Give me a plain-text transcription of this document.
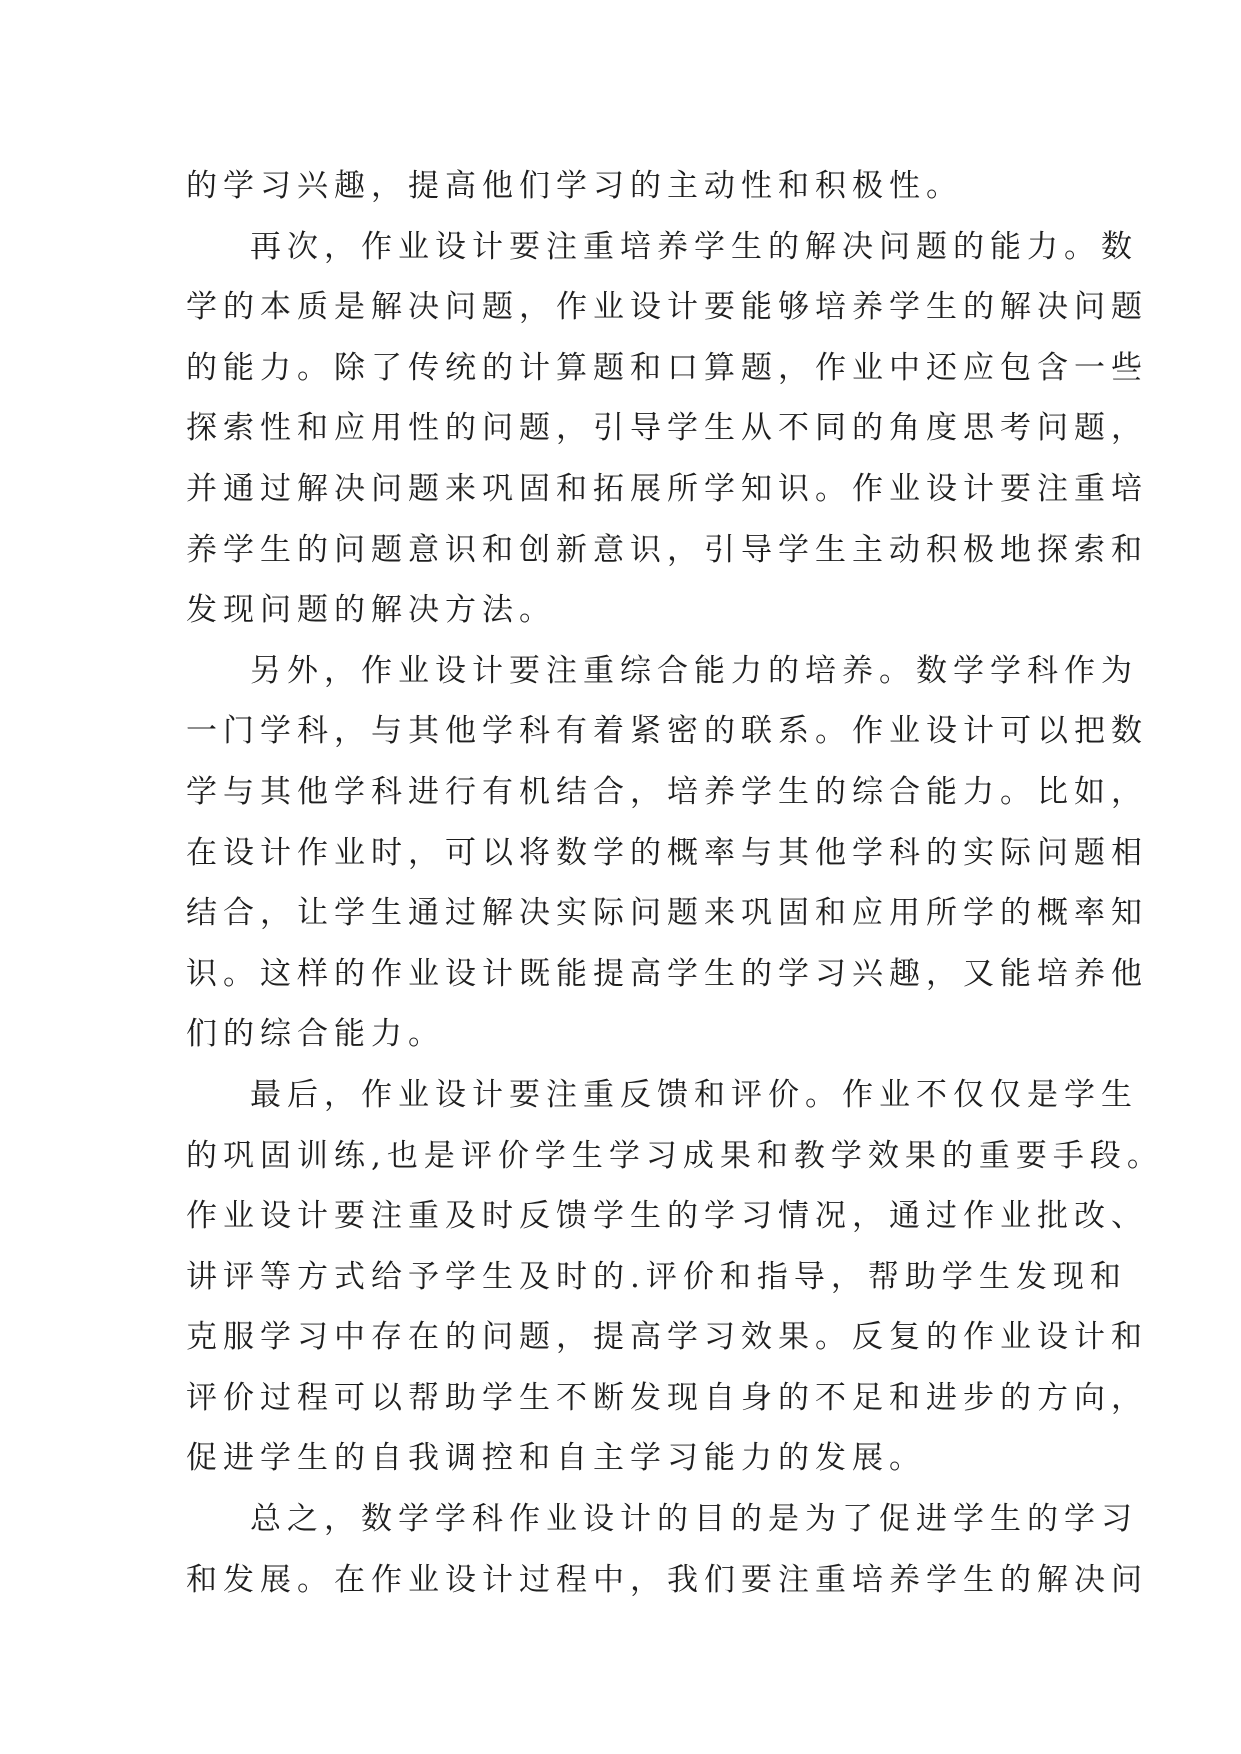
的学习兴趣，提高他们学习的主动性和积极性。
再次，作业设计要注重培养学生的解决问题的能力。数
学的本质是解决问题，作业设计要能够培养学生的解决问题
的能力。除了传统的计算题和口算题，作业中还应包含一些
探索性和应用性的问题，引导学生从不同的角度思考问题，
并通过解决问题来巩固和拓展所学知识。作业设计要注重培
养学生的问题意识和创新意识，引导学生主动积极地探索和
发现问题的解决方法。
另外，作业设计要注重综合能力的培养。数学学科作为
一门学科，与其他学科有着紧密的联系。作业设计可以把数
学与其他学科进行有机结合，培养学生的综合能力。比如，
在设计作业时，可以将数学的概率与其他学科的实际问题相
结合，让学生通过解决实际问题来巩固和应用所学的概率知
识。这样的作业设计既能提高学生的学习兴趣，又能培养他
们的综合能力。
最后，作业设计要注重反馈和评价。作业不仅仅是学生
的巩固训练,也是评价学生学习成果和教学效果的重要手段。
作业设计要注重及时反馈学生的学习情况，通过作业批改、
讲评等方式给予学生及时的.评价和指导，帮助学生发现和
克服学习中存在的问题，提高学习效果。反复的作业设计和
评价过程可以帮助学生不断发现自身的不足和进步的方向，
促进学生的自我调控和自主学习能力的发展。
总之，数学学科作业设计的目的是为了促进学生的学习
和发展。在作业设计过程中，我们要注重培养学生的解决问
